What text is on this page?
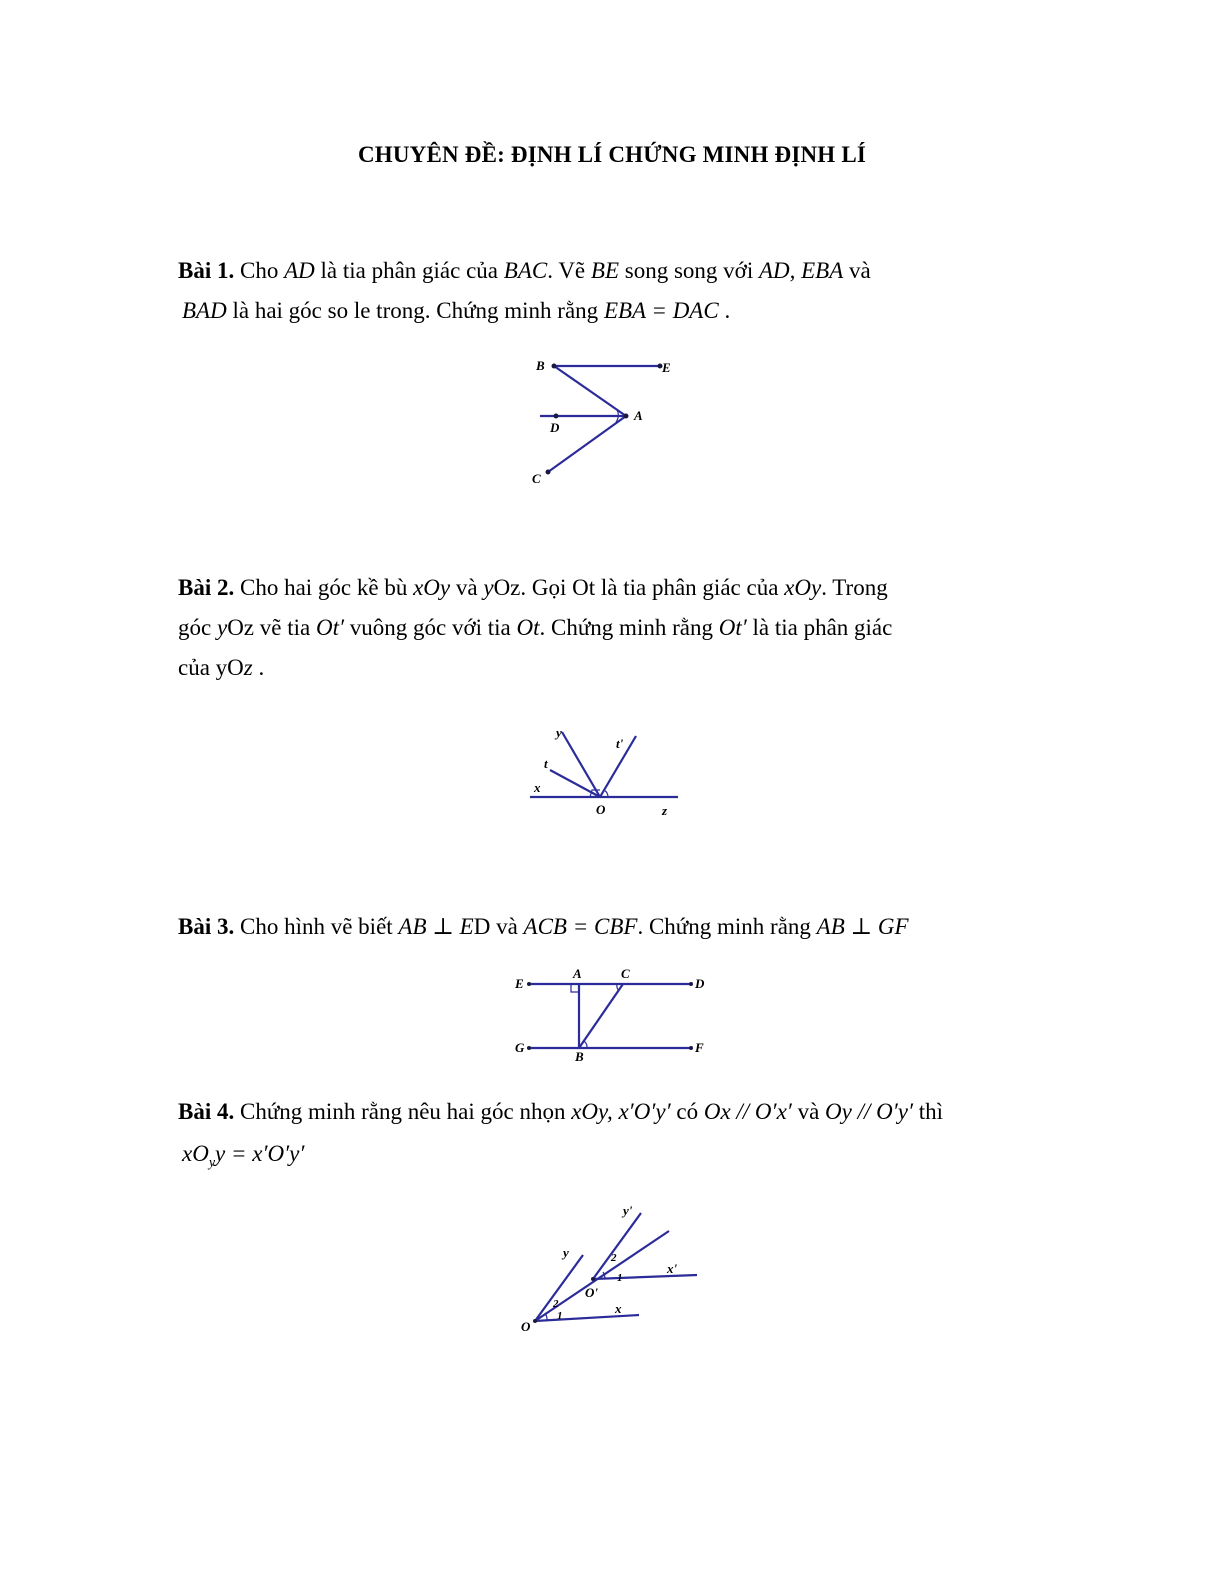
CHUYÊN ĐỀ: ĐỊNH LÍ CHỨNG MINH ĐỊNH LÍ
Bài 1. Cho AD là tia phân giác của BAC. Vẽ BE song song với AD, EBA và
BAD là hai góc so le trong. Chứng minh rằng EBA = DAC .
B	E
D
A
C
Bài 2. Cho hai góc kề bù xOy và yOz. Gọi Ot là tia phân giác của xOy. Trong
góc yOz vẽ tia Ot′ vuông góc với tia Ot. Chứng minh rằng Ot′ là tia phân giác
của yOz .
y
t'
t
x
O	z
Bài 3. Cho hình vẽ biết AB ⊥ ED và ACB = CBF. Chứng minh rằng AB ⊥ GF
E
A	C
D
G
B
F
Bài 4. Chứng minh rằng nêu hai góc nhọn xOy, x′O′y′ có Ox // O′x′ và Oy // O′y′ thì
$xO_yy = x'O'y'$
y'
y	2
2
1
1
x'
O'
O
x
